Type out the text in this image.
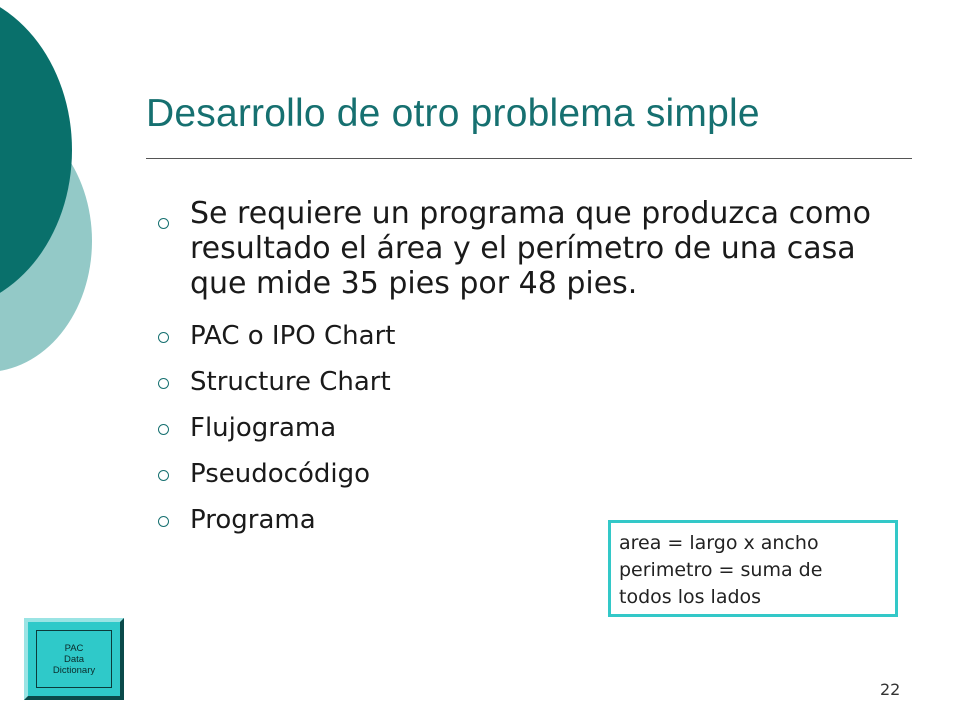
Desarrollo de otro problema simple
Se requiere un programa que produzca como resultado el área y el perímetro de una casa que mide 35 pies por 48 pies.
PAC o IPO Chart
Structure Chart
Flujograma
Pseudocódigo
Programa
area = largo x ancho
perimetro = suma de
todos los lados
PAC
Data
Dictionary
22
